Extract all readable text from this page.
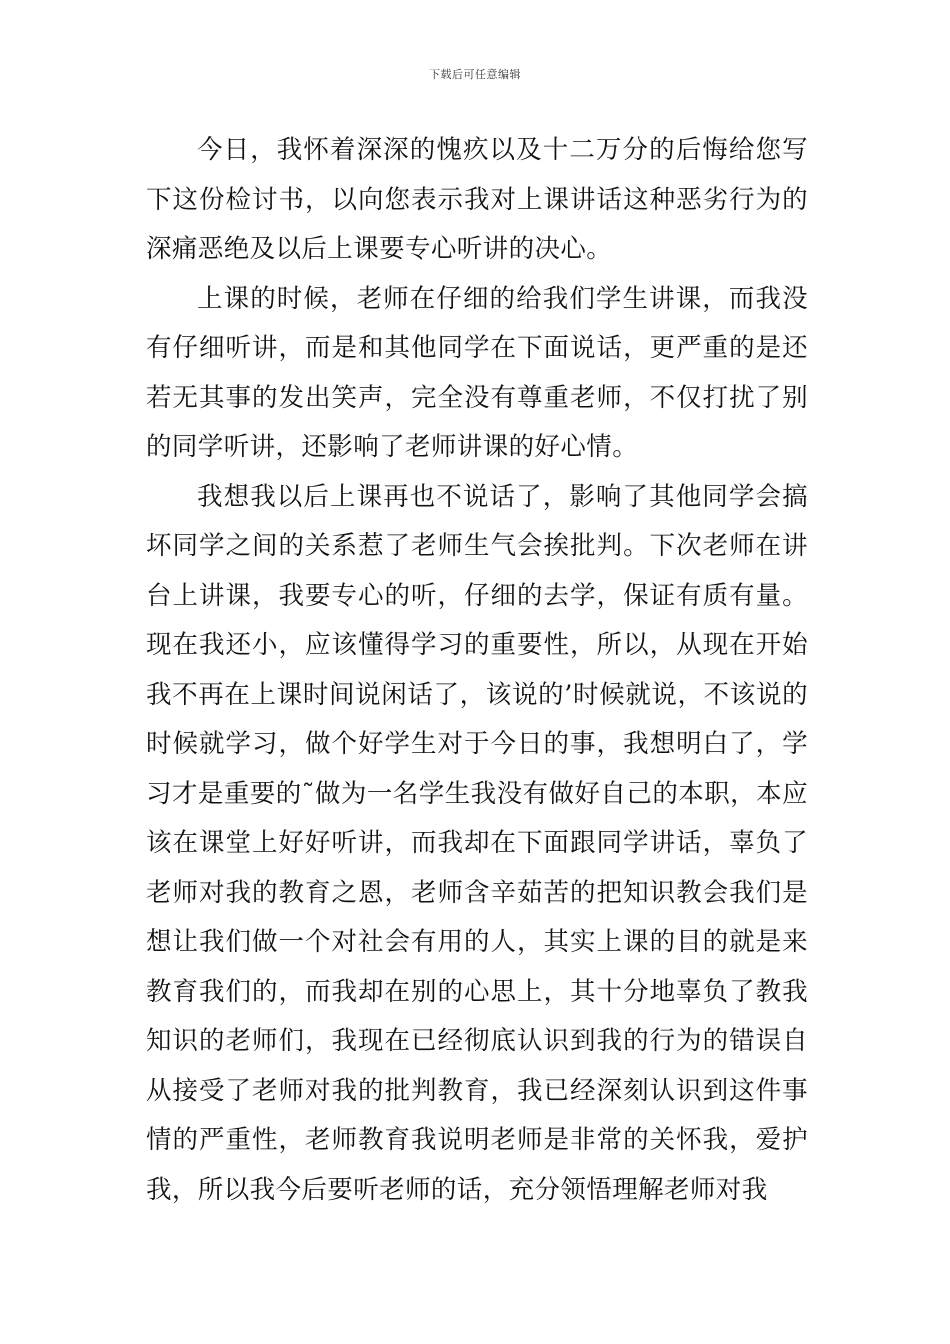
下载后可任意编辑

今日，我怀着深深的愧疚以及十二万分的后悔给您写下这份检讨书，以向您表示我对上课讲话这种恶劣行为的深痛恶绝及以后上课要专心听讲的决心。

上课的时候，老师在仔细的给我们学生讲课，而我没有仔细听讲，而是和其他同学在下面说话，更严重的是还若无其事的发出笑声，完全没有尊重老师，不仅打扰了别的同学听讲，还影响了老师讲课的好心情。

我想我以后上课再也不说话了，影响了其他同学会搞坏同学之间的关系惹了老师生气会挨批判。下次老师在讲台上讲课，我要专心的听，仔细的去学，保证有质有量。现在我还小，应该懂得学习的重要性，所以，从现在开始我不再在上课时间说闲话了，该说的’时候就说，不该说的时候就学习，做个好学生对于今日的事，我想明白了，学习才是重要的˜做为一名学生我没有做好自己的本职，本应该在课堂上好好听讲，而我却在下面跟同学讲话，辜负了老师对我的教育之恩，老师含辛茹苦的把知识教会我们是想让我们做一个对社会有用的人，其实上课的目的就是来教育我们的，而我却在别的心思上，其十分地辜负了教我知识的老师们，我现在已经彻底认识到我的行为的错误自从接受了老师对我的批判教育，我已经深刻认识到这件事情的严重性，老师教育我说明老师是非常的关怀我，爱护我，所以我今后要听老师的话，充分领悟理解老师对我
